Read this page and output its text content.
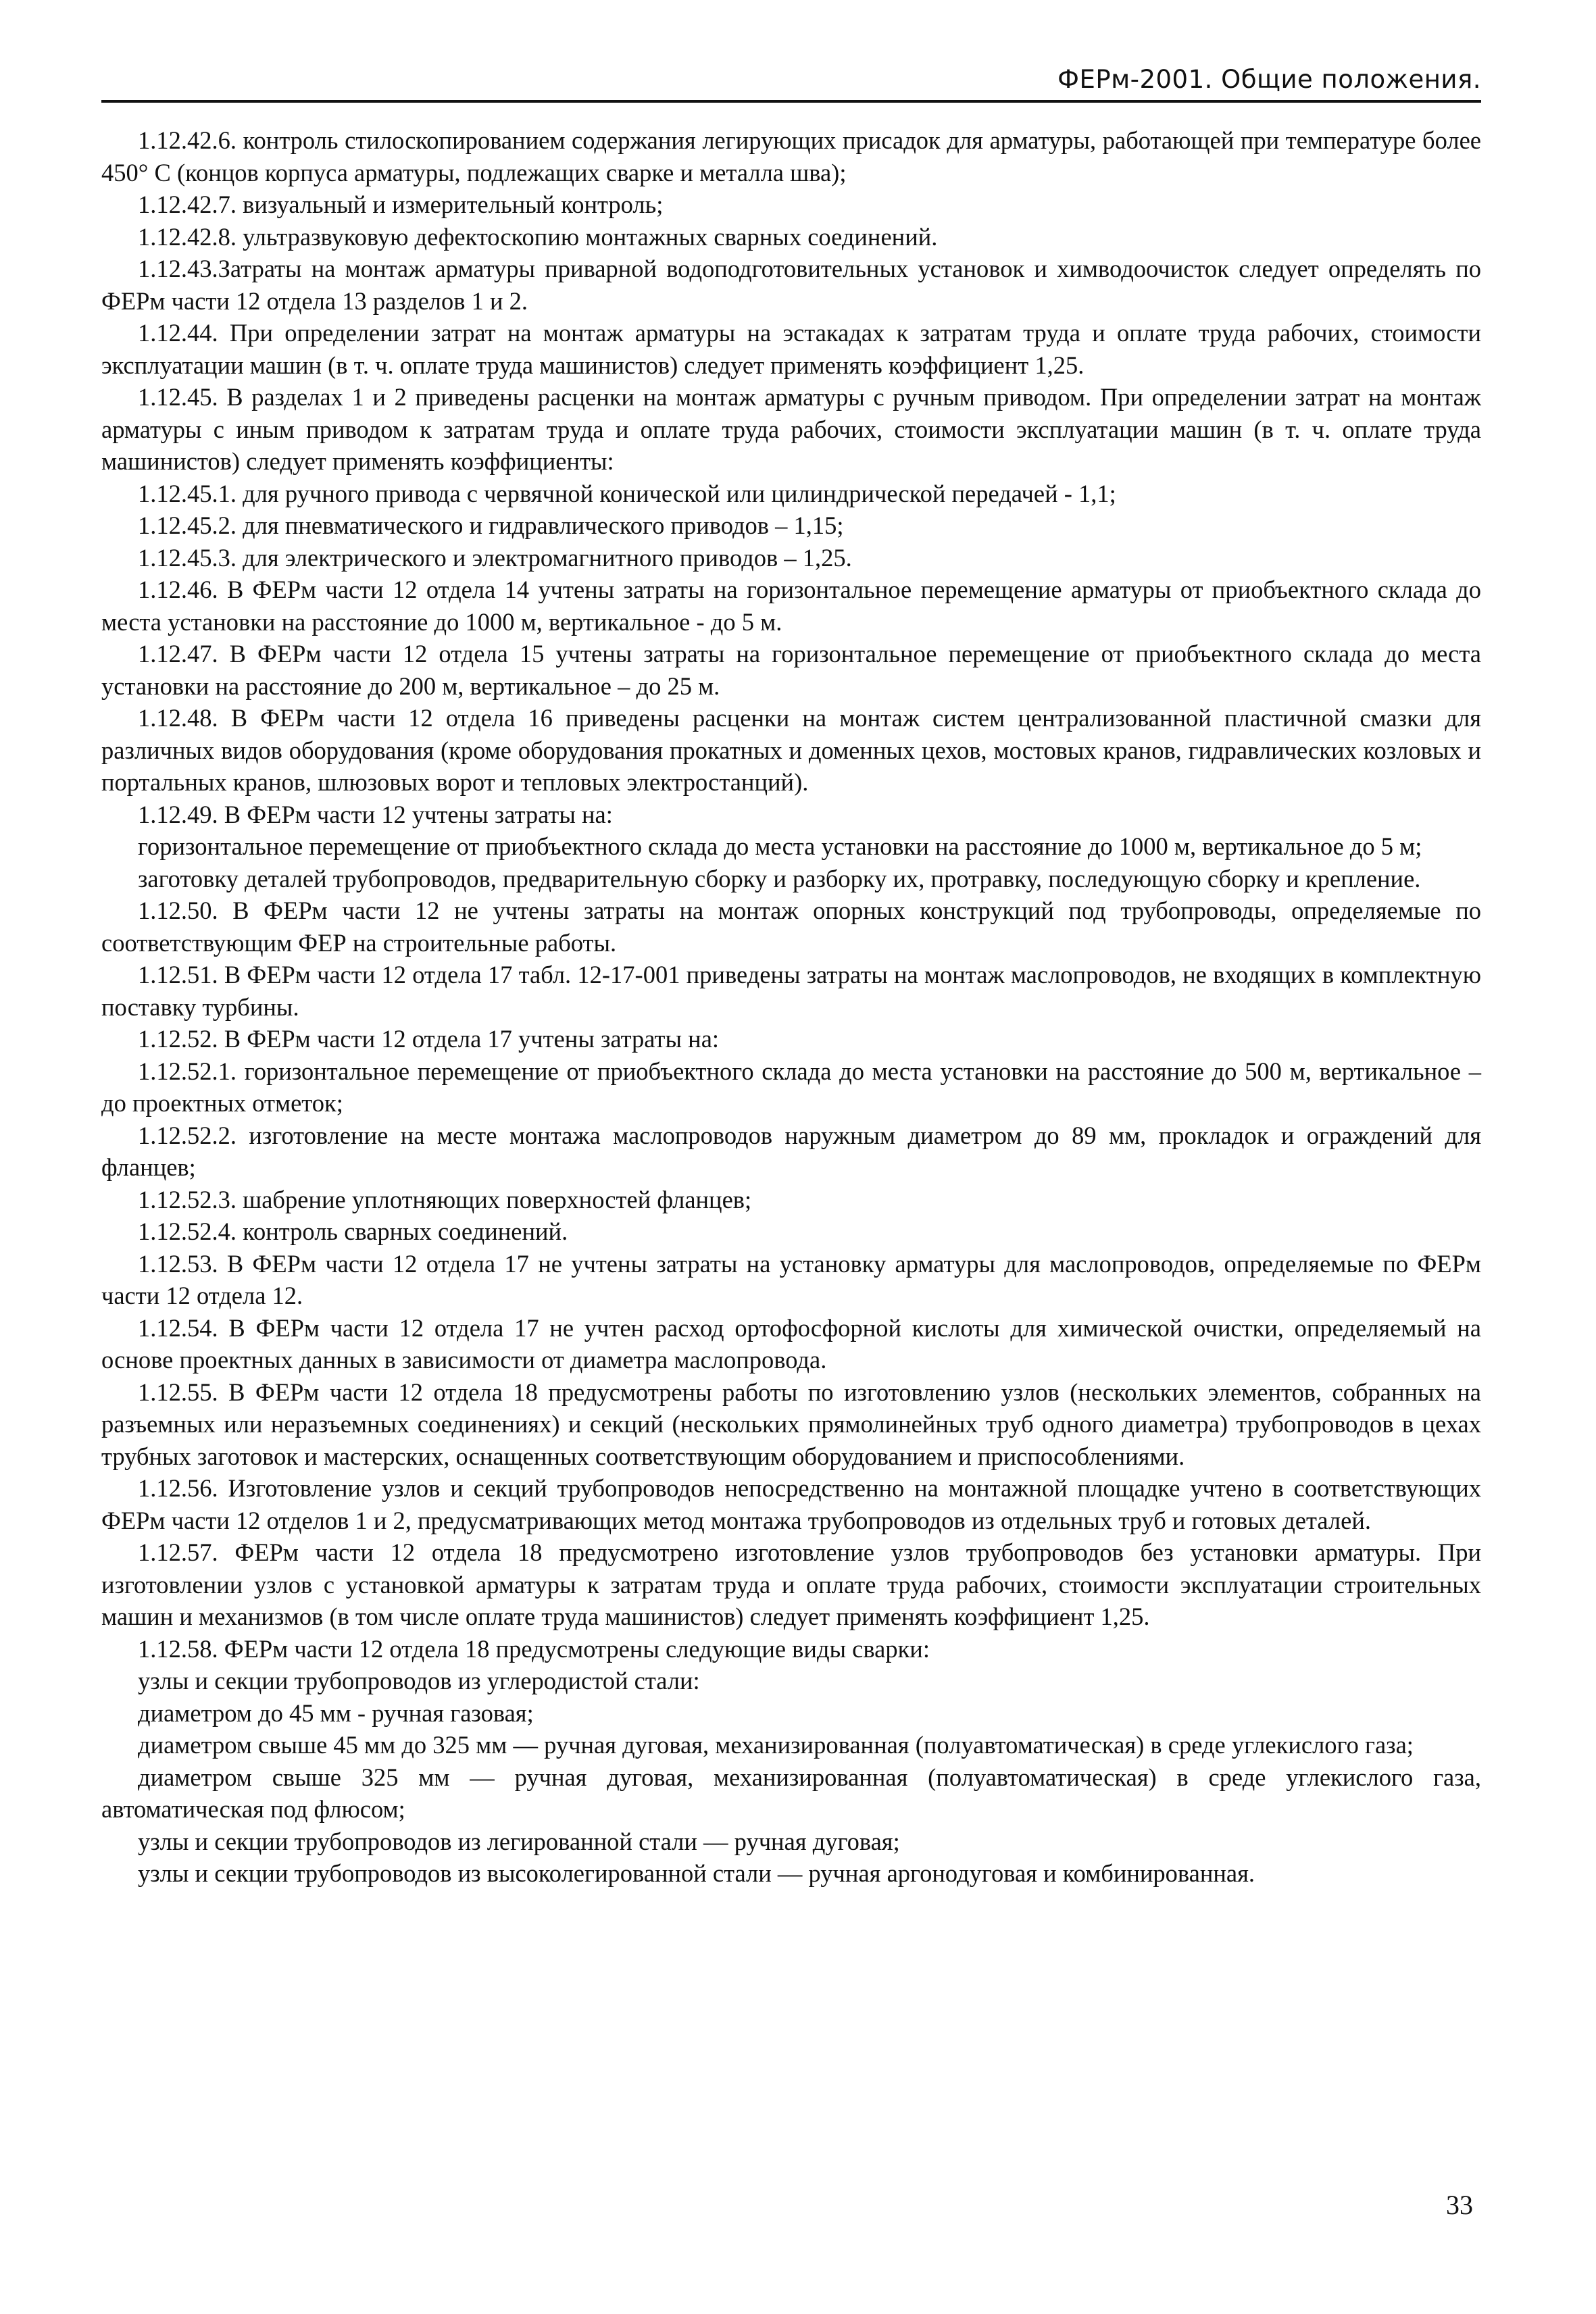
ФЕРм-2001. Общие положения.

1.12.42.6. контроль стилоскопированием содержания легирующих присадок для арматуры, работающей при температуре более 450° С (концов корпуса арматуры, подлежащих сварке и металла шва);

1.12.42.7. визуальный и измерительный контроль;

1.12.42.8. ультразвуковую дефектоскопию монтажных сварных соединений.

1.12.43.Затраты на монтаж арматуры приварной водоподготовительных установок и химводоочисток следует определять по ФЕРм части 12 отдела 13 разделов 1 и 2.

1.12.44. При определении затрат на монтаж арматуры на эстакадах к затратам труда и оплате труда рабочих, стоимости эксплуатации машин (в т. ч. оплате труда машинистов) следует применять коэффициент 1,25.

1.12.45. В разделах 1 и 2 приведены расценки на монтаж арматуры с ручным приводом. При определении затрат на монтаж арматуры с иным приводом к затратам труда и оплате труда рабочих, стоимости эксплуатации машин (в т. ч. оплате труда машинистов) следует применять коэффициенты:

1.12.45.1. для ручного привода с червячной конической или цилиндрической передачей - 1,1;

1.12.45.2. для пневматического и гидравлического приводов – 1,15;

1.12.45.3. для электрического и электромагнитного приводов – 1,25.

1.12.46. В ФЕРм части 12 отдела 14 учтены затраты на горизонтальное перемещение арматуры от приобъектного склада до места установки на расстояние до 1000 м, вертикальное - до 5 м.

1.12.47. В ФЕРм части 12 отдела 15 учтены затраты на горизонтальное перемещение от приобъектного склада до места установки на расстояние до 200 м, вертикальное – до 25 м.

1.12.48. В ФЕРм части 12 отдела 16 приведены расценки на монтаж систем централизованной пластичной смазки для различных видов оборудования (кроме оборудования прокатных и доменных цехов, мостовых кранов, гидравлических козловых и портальных кранов, шлюзовых ворот и тепловых электростанций).

1.12.49. В ФЕРм части 12 учтены затраты на:

горизонтальное перемещение от приобъектного склада до места установки на расстояние до 1000 м, вертикальное до 5 м;

заготовку деталей трубопроводов, предварительную сборку и разборку их, протравку, последующую сборку и крепление.

1.12.50. В ФЕРм части 12 не учтены затраты на монтаж опорных конструкций под трубопроводы, определяемые по соответствующим ФЕР на строительные работы.

1.12.51. В ФЕРм части 12 отдела 17 табл. 12-17-001 приведены затраты на монтаж маслопроводов, не входящих в комплектную поставку турбины.

1.12.52. В ФЕРм части 12 отдела 17 учтены затраты на:

1.12.52.1. горизонтальное перемещение от приобъектного склада до места установки на расстояние до 500 м, вертикальное – до проектных отметок;

1.12.52.2. изготовление на месте монтажа маслопроводов наружным диаметром до 89 мм, прокладок и ограждений для фланцев;

1.12.52.3. шабрение уплотняющих поверхностей фланцев;

1.12.52.4. контроль сварных соединений.

1.12.53. В ФЕРм части 12 отдела 17 не учтены затраты на установку арматуры для маслопроводов, определяемые по ФЕРм части 12 отдела 12.

1.12.54. В ФЕРм части 12 отдела 17 не учтен расход ортофосфорной кислоты для химической очистки, определяемый на основе проектных данных в зависимости от диаметра маслопровода.

1.12.55. В ФЕРм части 12 отдела 18 предусмотрены работы по изготовлению узлов (нескольких элементов, собранных на разъемных или неразъемных соединениях) и секций (нескольких прямолинейных труб одного диаметра) трубопроводов в цехах трубных заготовок и мастерских, оснащенных соответствующим оборудованием и приспособлениями.

1.12.56. Изготовление узлов и секций трубопроводов непосредственно на монтажной площадке учтено в соответствующих ФЕРм части 12 отделов 1 и 2, предусматривающих метод монтажа трубопроводов из отдельных труб и готовых деталей.

1.12.57. ФЕРм части 12 отдела 18 предусмотрено изготовление узлов трубопроводов без установки арматуры. При изготовлении узлов с установкой арматуры к затратам труда и оплате труда рабочих, стоимости эксплуатации строительных машин и механизмов (в том числе оплате труда машинистов) следует применять коэффициент 1,25.

1.12.58. ФЕРм части 12 отдела 18 предусмотрены следующие виды сварки:

узлы и секции трубопроводов из углеродистой стали:

диаметром до 45 мм - ручная газовая;

диаметром свыше 45 мм до 325 мм — ручная дуговая, механизированная (полуавтоматическая) в среде углекислого газа;

диаметром свыше 325 мм — ручная дуговая, механизированная (полуавтоматическая) в среде углекислого газа, автоматическая под флюсом;

узлы и секции трубопроводов из легированной стали — ручная дуговая;

узлы и секции трубопроводов из высоколегированной стали — ручная аргонодуговая и комбинированная.

33
